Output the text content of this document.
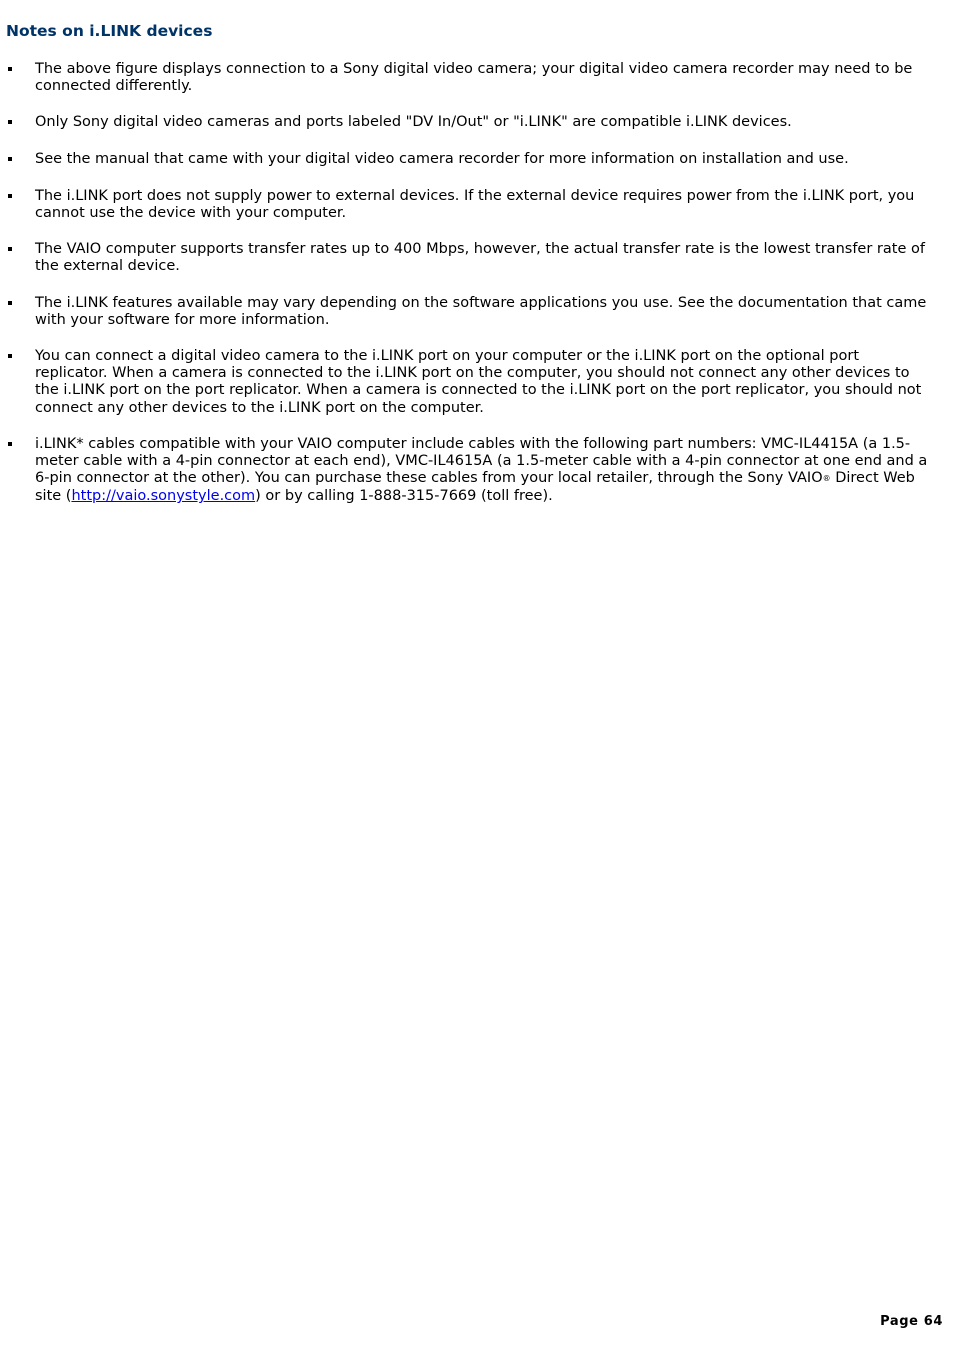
Notes on i.LINK devices
The above figure displays connection to a Sony digital video camera; your digital video camera recorder may need to be connected differently.
Only Sony digital video cameras and ports labeled "DV In/Out" or "i.LINK" are compatible i.LINK devices.
See the manual that came with your digital video camera recorder for more information on installation and use.
The i.LINK port does not supply power to external devices. If the external device requires power from the i.LINK port, you cannot use the device with your computer.
The VAIO computer supports transfer rates up to 400 Mbps, however, the actual transfer rate is the lowest transfer rate of the external device.
The i.LINK features available may vary depending on the software applications you use. See the documentation that came with your software for more information.
You can connect a digital video camera to the i.LINK port on your computer or the i.LINK port on the optional port replicator. When a camera is connected to the i.LINK port on the computer, you should not connect any other devices to the i.LINK port on the port replicator. When a camera is connected to the i.LINK port on the port replicator, you should not connect any other devices to the i.LINK port on the computer.
i.LINK* cables compatible with your VAIO computer include cables with the following part numbers: VMC-IL4415A (a 1.5-meter cable with a 4-pin connector at each end), VMC-IL4615A (a 1.5-meter cable with a 4-pin connector at one end and a 6-pin connector at the other). You can purchase these cables from your local retailer, through the Sony VAIO® Direct Web site (http://vaio.sonystyle.com) or by calling 1-888-315-7669 (toll free).
Page 64
